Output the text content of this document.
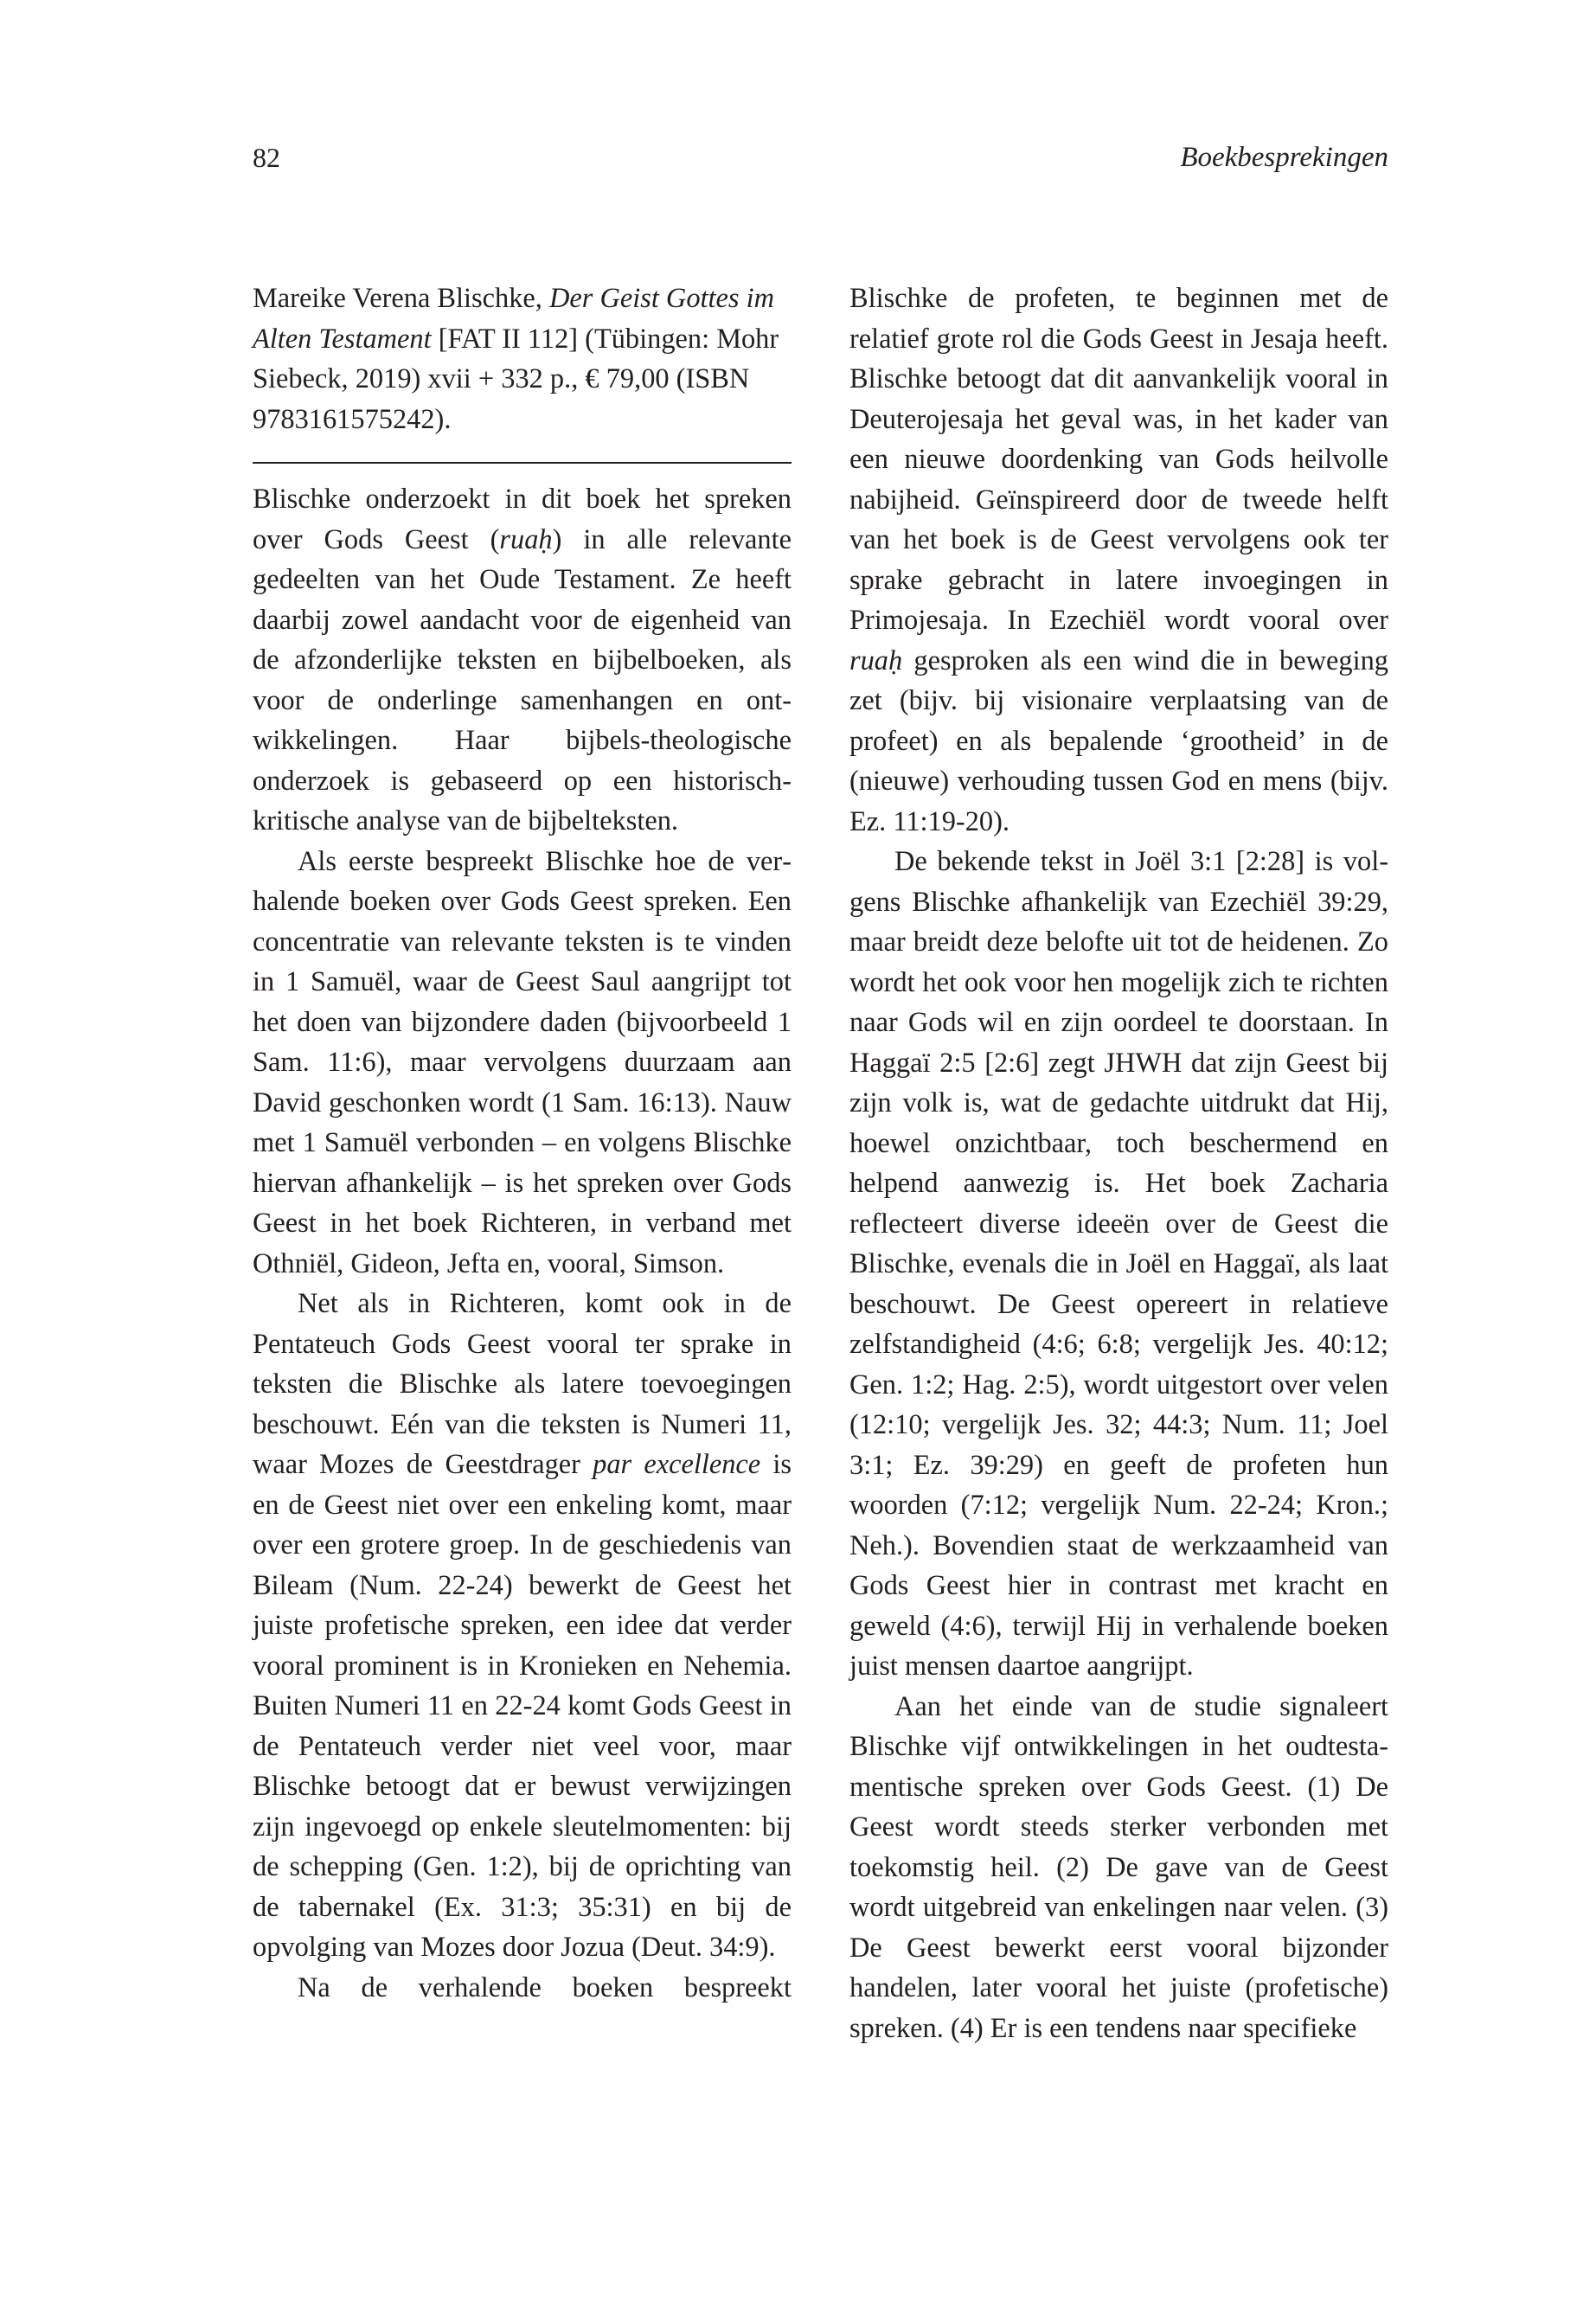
82	Boekbesprekingen

Mareike Verena Blischke, Der Geist Gottes im Alten Testament [FAT II 112] (Tübingen: Mohr Siebeck, 2019) xvii + 332 p., € 79,00 (ISBN 9783161575242).

Blischke onderzoekt in dit boek het spreken over Gods Geest (ruaḥ) in alle relevante gedeelten van het Oude Testament. Ze heeft daarbij zowel aandacht voor de eigenheid van de afzonderlijke teksten en bijbelboeken, als voor de onderlinge samenhangen en ontwikkelingen. Haar bijbels-theologische onderzoek is gebaseerd op een historisch-kritische analyse van de bijbelteksten.

Als eerste bespreekt Blischke hoe de verhalende boeken over Gods Geest spreken. Een concentratie van relevante teksten is te vinden in 1 Samuël, waar de Geest Saul aangrijpt tot het doen van bijzondere daden (bijvoorbeeld 1 Sam. 11:6), maar vervolgens duurzaam aan David geschonken wordt (1 Sam. 16:13). Nauw met 1 Samuël verbonden – en volgens Blischke hiervan afhankelijk – is het spreken over Gods Geest in het boek Richteren, in verband met Othniël, Gideon, Jefta en, vooral, Simson.

Net als in Richteren, komt ook in de Pentateuch Gods Geest vooral ter sprake in teksten die Blischke als latere toevoegingen beschouwt. Eén van die teksten is Numeri 11, waar Mozes de Geestdrager par excellence is en de Geest niet over een enkeling komt, maar over een grotere groep. In de geschiedenis van Bileam (Num. 22-24) bewerkt de Geest het juiste profetische spreken, een idee dat verder vooral prominent is in Kronieken en Nehemia. Buiten Numeri 11 en 22-24 komt Gods Geest in de Pentateuch verder niet veel voor, maar Blischke betoogt dat er bewust verwijzingen zijn ingevoegd op enkele sleutelmomenten: bij de schepping (Gen. 1:2), bij de oprichting van de tabernakel (Ex. 31:3; 35:31) en bij de opvolging van Mozes door Jozua (Deut. 34:9).

Na de verhalende boeken bespreekt

Blischke de profeten, te beginnen met de relatief grote rol die Gods Geest in Jesaja heeft. Blischke betoogt dat dit aanvankelijk vooral in Deuterojesaja het geval was, in het kader van een nieuwe doordenking van Gods heilvolle nabijheid. Geïnspireerd door de tweede helft van het boek is de Geest vervolgens ook ter sprake gebracht in latere invoegingen in Primojesaja. In Ezechiël wordt vooral over ruaḥ gesproken als een wind die in beweging zet (bijv. bij visionaire verplaatsing van de profeet) en als bepalende ‘grootheid’ in de (nieuwe) verhouding tussen God en mens (bijv. Ez. 11:19-20).

De bekende tekst in Joël 3:1 [2:28] is volgens Blischke afhankelijk van Ezechiël 39:29, maar breidt deze belofte uit tot de heidenen. Zo wordt het ook voor hen mogelijk zich te richten naar Gods wil en zijn oordeel te doorstaan. In Haggaï 2:5 [2:6] zegt JHWH dat zijn Geest bij zijn volk is, wat de gedachte uitdrukt dat Hij, hoewel onzichtbaar, toch beschermend en helpend aanwezig is. Het boek Zacharia reflecteert diverse ideeën over de Geest die Blischke, evenals die in Joël en Haggaï, als laat beschouwt. De Geest opereert in relatieve zelfstandigheid (4:6; 6:8; vergelijk Jes. 40:12; Gen. 1:2; Hag. 2:5), wordt uitgestort over velen (12:10; vergelijk Jes. 32; 44:3; Num. 11; Joel 3:1; Ez. 39:29) en geeft de profeten hun woorden (7:12; vergelijk Num. 22-24; Kron.; Neh.). Bovendien staat de werkzaamheid van Gods Geest hier in contrast met kracht en geweld (4:6), terwijl Hij in verhalende boeken juist mensen daartoe aangrijpt.

Aan het einde van de studie signaleert Blischke vijf ontwikkelingen in het oudtestamentische spreken over Gods Geest. (1) De Geest wordt steeds sterker verbonden met toekomstig heil. (2) De gave van de Geest wordt uitgebreid van enkelingen naar velen. (3) De Geest bewerkt eerst vooral bijzonder handelen, later vooral het juiste (profetische) spreken. (4) Er is een tendens naar specifieke
